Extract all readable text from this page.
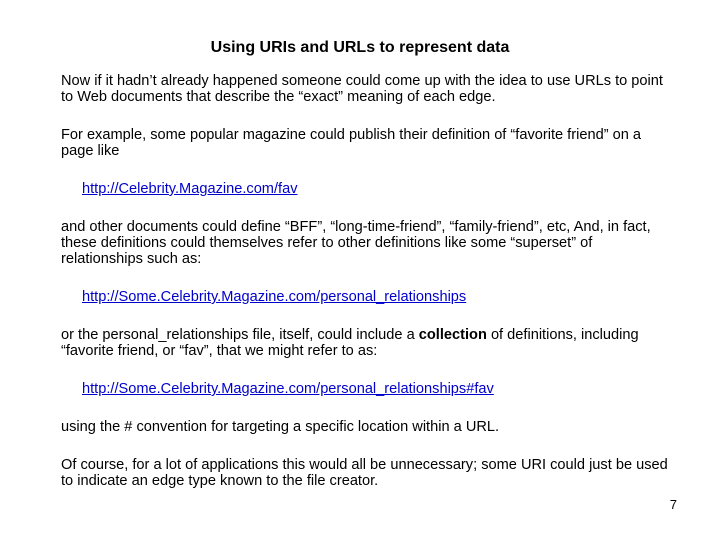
Using URIs and URLs to represent data

Now if it hadn’t already happened someone could come up with the idea to use URLs to point to Web documents that describe the “exact” meaning of each edge.

For example, some popular magazine could publish their definition of “favorite friend” on a page like

http://Celebrity.Magazine.com/fav

and other documents could define “BFF”, “long-time-friend”, “family-friend”, etc, And, in fact, these definitions could themselves refer to other definitions like some “superset” of relationships such as:

http://Some.Celebrity.Magazine.com/personal_relationships

or the personal_relationships file, itself, could include a collection of definitions, including “favorite friend, or “fav”, that we might refer to as:

http://Some.Celebrity.Magazine.com/personal_relationships#fav

using the # convention for targeting a specific location within a URL.

Of course, for a lot of applications this would all be unnecessary; some URI could just be used to indicate an edge type known to the file creator.

7
